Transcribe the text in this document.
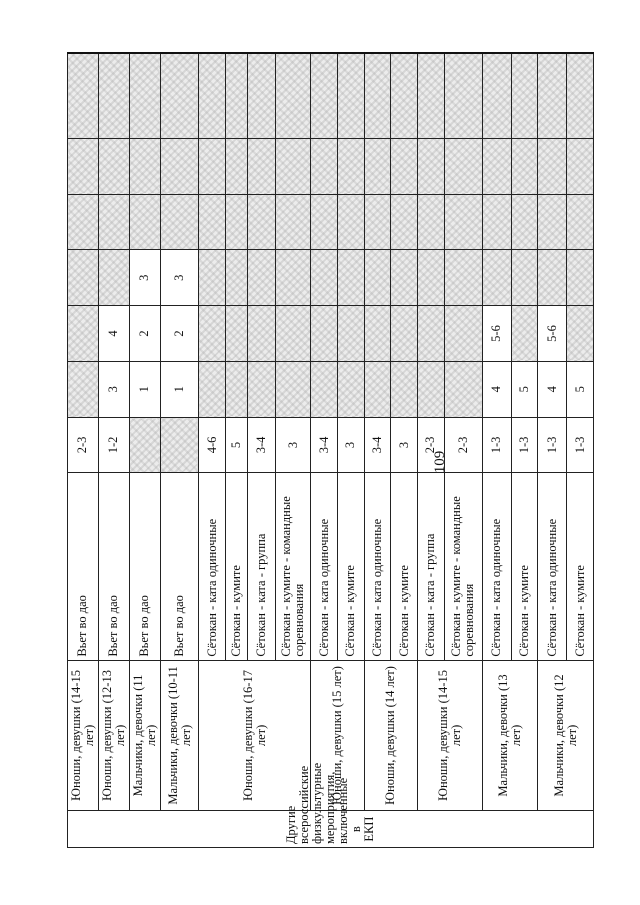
109
Другие всероссийские физкультурные мероприятия, включенные в ЕКП	Юноши, девушки (14-15 лет)	Вьет во дао	2-3						
	Юноши, девушки (12-13 лет)	Вьет во дао	1-2	3	4				
	Мальчики, девочки (11 лет)	Вьет во дао		1	2	3			
	Мальчики, девочки (10-11 лет)	Вьет во дао		1	2	3			
	Юноши, девушки (16-17 лет)	Сётокан - ката одиночные	4-6						
		Сётокан - кумите	5						
		Сётокан - ката - группа	3-4						
		Сётокан - кумите - командные соревнования	3						
	Юноши, девушки (15 лет)	Сётокан - ката одиночные	3-4						
		Сётокан - кумите	3						
	Юноши, девушки (14 лет)	Сётокан - ката одиночные	3-4						
		Сётокан - кумите	3						
	Юноши, девушки (14-15 лет)	Сётокан - ката - группа	2-3						
		Сётокан - кумите - командные соревнования	2-3						
	Мальчики, девочки (13 лет)	Сётокан - ката одиночные	1-3	4	5-6				
		Сётокан - кумите	1-3	5					
	Мальчики, девочки (12 лет)	Сётокан - ката одиночные	1-3	4	5-6				
		Сётокан - кумите	1-3	5					
